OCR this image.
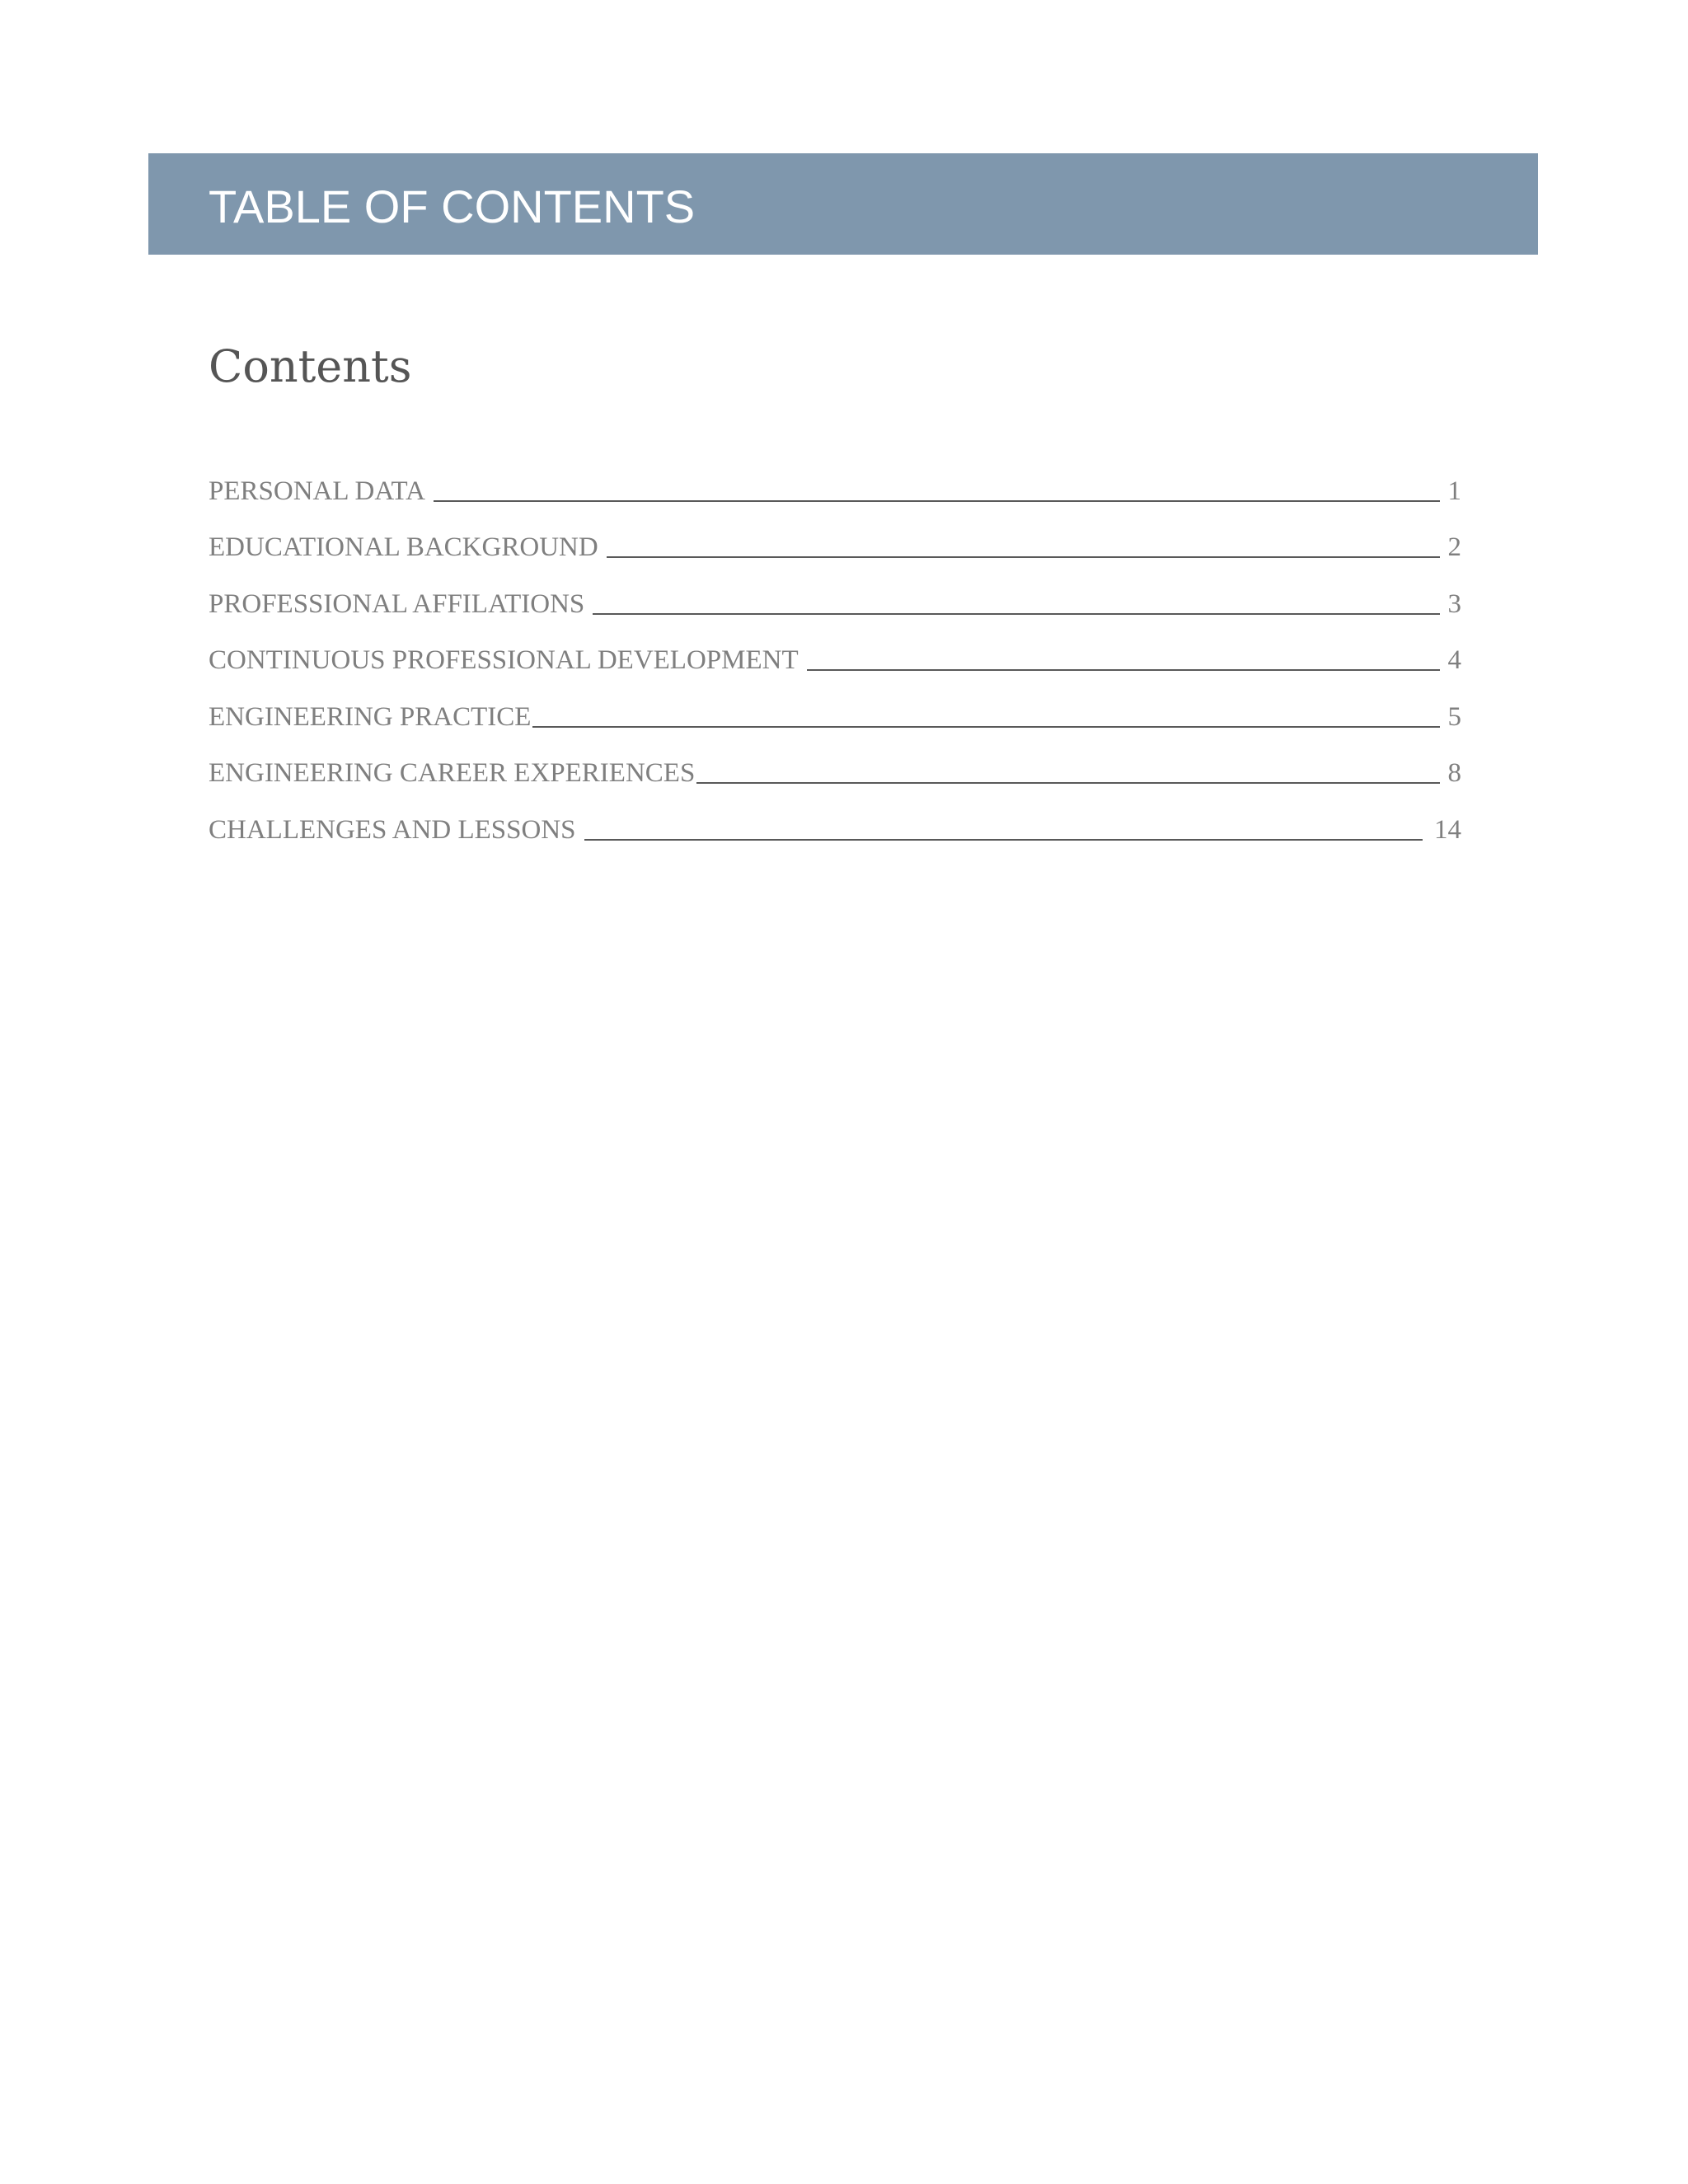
TABLE OF CONTENTS
Contents
PERSONAL DATA	1
EDUCATIONAL BACKGROUND	2
PROFESSIONAL AFFILATIONS	3
CONTINUOUS PROFESSIONAL DEVELOPMENT	4
ENGINEERING PRACTICE	5
ENGINEERING CAREER EXPERIENCES	8
CHALLENGES AND LESSONS	14
